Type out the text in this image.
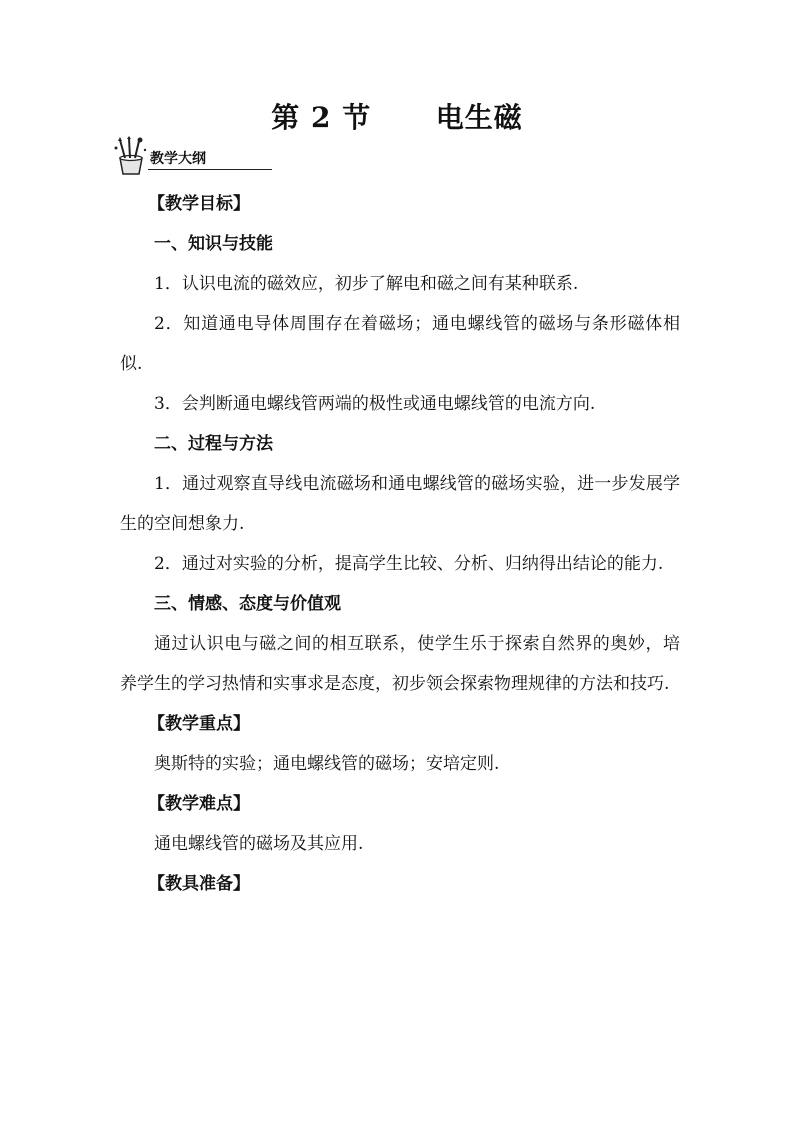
第 2 节      电生磁
教学大纲

【教学目标】

一、知识与技能

1．认识电流的磁效应，初步了解电和磁之间有某种联系.

2．知道通电导体周围存在着磁场；通电螺线管的磁场与条形磁体相似.

3．会判断通电螺线管两端的极性或通电螺线管的电流方向.

二、过程与方法

1．通过观察直导线电流磁场和通电螺线管的磁场实验，进一步发展学生的空间想象力.

2．通过对实验的分析，提高学生比较、分析、归纳得出结论的能力.

三、情感、态度与价值观

通过认识电与磁之间的相互联系，使学生乐于探索自然界的奥妙，培养学生的学习热情和实事求是态度，初步领会探索物理规律的方法和技巧.

【教学重点】

奥斯特的实验；通电螺线管的磁场；安培定则.

【教学难点】

通电螺线管的磁场及其应用.

【教具准备】
